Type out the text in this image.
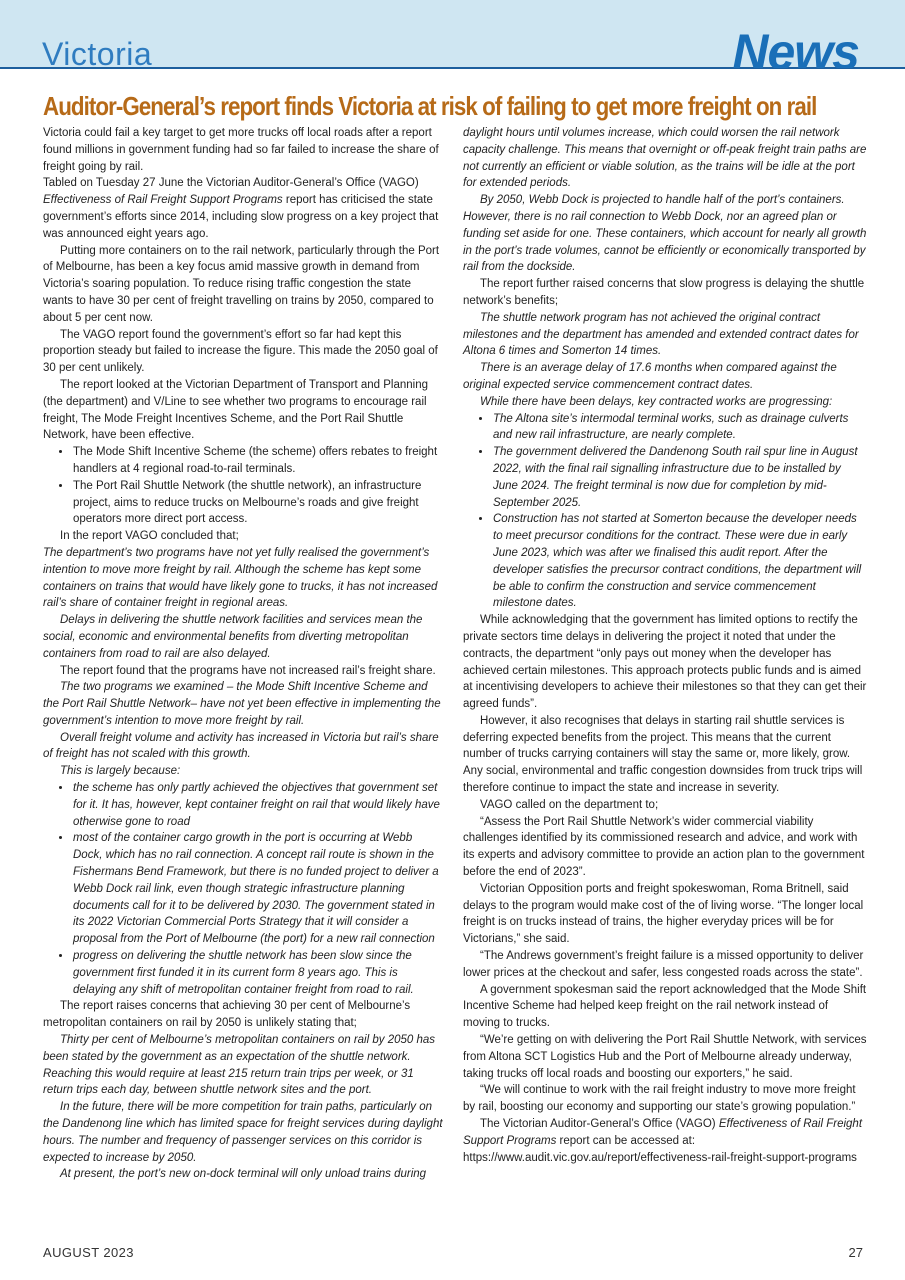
Victoria	News
Auditor-General’s report finds Victoria at risk of failing to get more freight on rail

Victoria could fail a key target to get more trucks off local roads after a report found millions in government funding had so far failed to increase the share of freight going by rail.

Tabled on Tuesday 27 June the Victorian Auditor-General’s Office (VAGO) Effectiveness of Rail Freight Support Programs report has criticised the state government’s efforts since 2014, including slow progress on a key project that was announced eight years ago.

Putting more containers on to the rail network, particularly through the Port of Melbourne, has been a key focus amid massive growth in demand from Victoria’s soaring population. To reduce rising traffic congestion the state wants to have 30 per cent of freight travelling on trains by 2050, compared to about 5 per cent now.

The VAGO report found the government’s effort so far had kept this proportion steady but failed to increase the figure. This made the 2050 goal of 30 per cent unlikely.

The report looked at the Victorian Department of Transport and Planning (the department) and V/Line to see whether two programs to encourage rail freight, The Mode Freight Incentives Scheme, and the Port Rail Shuttle Network, have been effective.

• The Mode Shift Incentive Scheme (the scheme) offers rebates to freight handlers at 4 regional road-to-rail terminals.
• The Port Rail Shuttle Network (the shuttle network), an infrastructure project, aims to reduce trucks on Melbourne’s roads and give freight operators more direct port access.

In the report VAGO concluded that;

The department’s two programs have not yet fully realised the government’s intention to move more freight by rail. Although the scheme has kept some containers on trains that would have likely gone to trucks, it has not increased rail’s share of container freight in regional areas.

Delays in delivering the shuttle network facilities and services mean the social, economic and environmental benefits from diverting metropolitan containers from road to rail are also delayed.

The report found that the programs have not increased rail’s freight share.

The two programs we examined – the Mode Shift Incentive Scheme and the Port Rail Shuttle Network– have not yet been effective in implementing the government’s intention to move more freight by rail.

Overall freight volume and activity has increased in Victoria but rail’s share of freight has not scaled with this growth.

This is largely because:

• the scheme has only partly achieved the objectives that government set for it. It has, however, kept container freight on rail that would likely have otherwise gone to road
• most of the container cargo growth in the port is occurring at Webb Dock, which has no rail connection. A concept rail route is shown in the Fishermans Bend Framework, but there is no funded project to deliver a Webb Dock rail link, even though strategic infrastructure planning documents call for it to be delivered by 2030. The government stated in its 2022 Victorian Commercial Ports Strategy that it will consider a proposal from the Port of Melbourne (the port) for a new rail connection
• progress on delivering the shuttle network has been slow since the government first funded it in its current form 8 years ago. This is delaying any shift of metropolitan container freight from road to rail.

The report raises concerns that achieving 30 per cent of Melbourne’s metropolitan containers on rail by 2050 is unlikely stating that;

Thirty per cent of Melbourne’s metropolitan containers on rail by 2050 has been stated by the government as an expectation of the shuttle network. Reaching this would require at least 215 return train trips per week, or 31 return trips each day, between shuttle network sites and the port.

In the future, there will be more competition for train paths, particularly on the Dandenong line which has limited space for freight services during daylight hours. The number and frequency of passenger services on this corridor is expected to increase by 2050.

At present, the port’s new on-dock terminal will only unload trains during

daylight hours until volumes increase, which could worsen the rail network capacity challenge. This means that overnight or off-peak freight train paths are not currently an efficient or viable solution, as the trains will be idle at the port for extended periods.

By 2050, Webb Dock is projected to handle half of the port’s containers. However, there is no rail connection to Webb Dock, nor an agreed plan or funding set aside for one. These containers, which account for nearly all growth in the port’s trade volumes, cannot be efficiently or economically transported by rail from the dockside.

The report further raised concerns that slow progress is delaying the shuttle network’s benefits;

The shuttle network program has not achieved the original contract milestones and the department has amended and extended contract dates for Altona 6 times and Somerton 14 times.

There is an average delay of 17.6 months when compared against the original expected service commencement contract dates.

While there have been delays, key contracted works are progressing:

• The Altona site’s intermodal terminal works, such as drainage culverts and new rail infrastructure, are nearly complete.
• The government delivered the Dandenong South rail spur line in August 2022, with the final rail signalling infrastructure due to be installed by June 2024. The freight terminal is now due for completion by mid-September 2025.
• Construction has not started at Somerton because the developer needs to meet precursor conditions for the contract. These were due in early June 2023, which was after we finalised this audit report. After the developer satisfies the precursor contract conditions, the department will be able to confirm the construction and service commencement milestone dates.

While acknowledging that the government has limited options to rectify the private sectors time delays in delivering the project it noted that under the contracts, the department “only pays out money when the developer has achieved certain milestones. This approach protects public funds and is aimed at incentivising developers to achieve their milestones so that they can get their agreed funds”.

However, it also recognises that delays in starting rail shuttle services is deferring expected benefits from the project. This means that the current number of trucks carrying containers will stay the same or, more likely, grow. Any social, environmental and traffic congestion downsides from truck trips will therefore continue to impact the state and increase in severity.

VAGO called on the department to;

“Assess the Port Rail Shuttle Network’s wider commercial viability challenges identified by its commissioned research and advice, and work with its experts and advisory committee to provide an action plan to the government before the end of 2023”.

Victorian Opposition ports and freight spokeswoman, Roma Britnell, said delays to the program would make cost of the of living worse. “The longer local freight is on trucks instead of trains, the higher everyday prices will be for Victorians,” she said.

“The Andrews government’s freight failure is a missed opportunity to deliver lower prices at the checkout and safer, less congested roads across the state”.

A government spokesman said the report acknowledged that the Mode Shift Incentive Scheme had helped keep freight on the rail network instead of moving to trucks.

“We’re getting on with delivering the Port Rail Shuttle Network, with services from Altona SCT Logistics Hub and the Port of Melbourne already underway, taking trucks off local roads and boosting our exporters,” he said.

“We will continue to work with the rail freight industry to move more freight by rail, boosting our economy and supporting our state’s growing population.”

The Victorian Auditor-General’s Office (VAGO) Effectiveness of Rail Freight Support Programs report can be accessed at: https://www.audit.vic.gov.au/report/effectiveness-rail-freight-support-programs

AUGUST 2023	27
